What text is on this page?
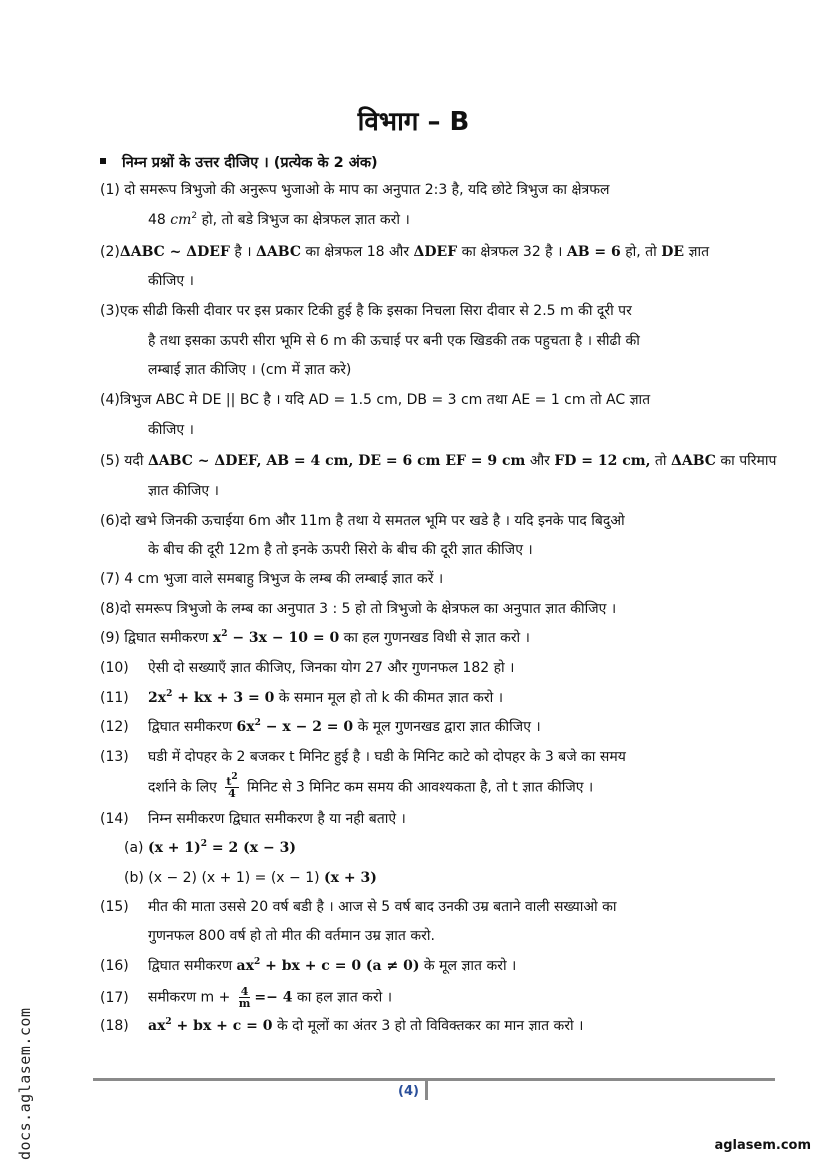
विभाग – B
निम्न प्रश्नों के उत्तर दीजिए । (प्रत्येक के 2 अंक)
(1) दो समरूप त्रिभुजो की अनुरूप भुजाओ के माप का अनुपात 2:3 है, यदि छोटे त्रिभुज का क्षेत्रफल
48 $cm^2$ हो, तो बडे त्रिभुज का क्षेत्रफल ज्ञात करो ।
(2)ΔABC ~ ΔDEF है । ΔABC का क्षेत्रफल 18 और ΔDEF का क्षेत्रफल 32 है । AB = 6 हो, तो DE ज्ञात
कीजिए ।
(3)एक सीढी किसी दीवार पर इस प्रकार टिकी हुई है कि इसका निचला सिरा दीवार से 2.5 m की दूरी पर
है तथा इसका ऊपरी सीरा भूमि से 6 m की ऊचाई पर बनी एक खिडकी तक पहुचता है । सीढी की
लम्बाई ज्ञात कीजिए । (cm में ज्ञात करे)
(4)त्रिभुज ABC मे DE || BC है । यदि AD = 1.5 cm, DB = 3 cm तथा AE = 1 cm तो AC ज्ञात
कीजिए ।
(5) यदी ΔABC ~ ΔDEF, AB = 4 cm, DE = 6 cm EF = 9 cm और FD = 12 cm, तो ΔABC का परिमाप
ज्ञात कीजिए ।
(6)दो खभे जिनकी ऊचाईया 6m और 11m है तथा ये समतल भूमि पर खडे है । यदि इनके पाद बिदुओ
के बीच की दूरी 12m है तो इनके ऊपरी सिरो के बीच की दूरी ज्ञात कीजिए ।
(7) 4 cm भुजा वाले समबाहु त्रिभुज के लम्ब की लम्बाई ज्ञात करें ।
(8)दो समरूप त्रिभुजो के लम्ब का अनुपात 3 : 5 हो तो त्रिभुजो के क्षेत्रफल का अनुपात ज्ञात कीजिए ।
(9) द्विघात समीकरण $x^2 - 3x - 10 = 0$ का हल गुणनखड विधी से ज्ञात करो ।
(10) ऐसी दो सख्याएँ ज्ञात कीजिए, जिनका योग 27 और गुणनफल 182 हो ।
(11) $2x^2$ + kx + 3 = 0 के समान मूल हो तो k की कीमत ज्ञात करो ।
(12) द्विघात समीकरण $6x^2 - x - 2 = 0$ के मूल गुणनखड द्वारा ज्ञात कीजिए ।
(13) घडी में दोपहर के 2 बजकर t मिनिट हुई है । घडी के मिनिट काटे को दोपहर के 3 बजे का समय
दर्शाने के लिए $\frac{t^2}{4}$ मिनिट से 3 मिनिट कम समय की आवश्यकता है, तो t ज्ञात कीजिए ।
(14) निम्न समीकरण द्विघात समीकरण है या नही बताऐ ।
(a) $(x + 1)^2 = 2$ (x − 3)
(b) (x − 2) (x + 1) = (x − 1) (x + 3)
(15) मीत की माता उससे 20 वर्ष बडी है । आज से 5 वर्ष बाद उनकी उम्र बताने वाली सख्याओ का
गुणनफल 800 वर्ष हो तो मीत की वर्तमान उम्र ज्ञात करो.
(16) द्विघात समीकरण $ax^2$ + bx + c = 0 (a ≠ 0) के मूल ज्ञात करो ।
(17) समीकरण $m + \frac{4}{m} =- 4$ का हल ज्ञात करो ।
(18) $ax^2$ + bx + c = 0 के दो मूलों का अंतर 3 हो तो विविक्तकर का मान ज्ञात करो ।
(4)
docs.aglasem.com	aglasem.com
